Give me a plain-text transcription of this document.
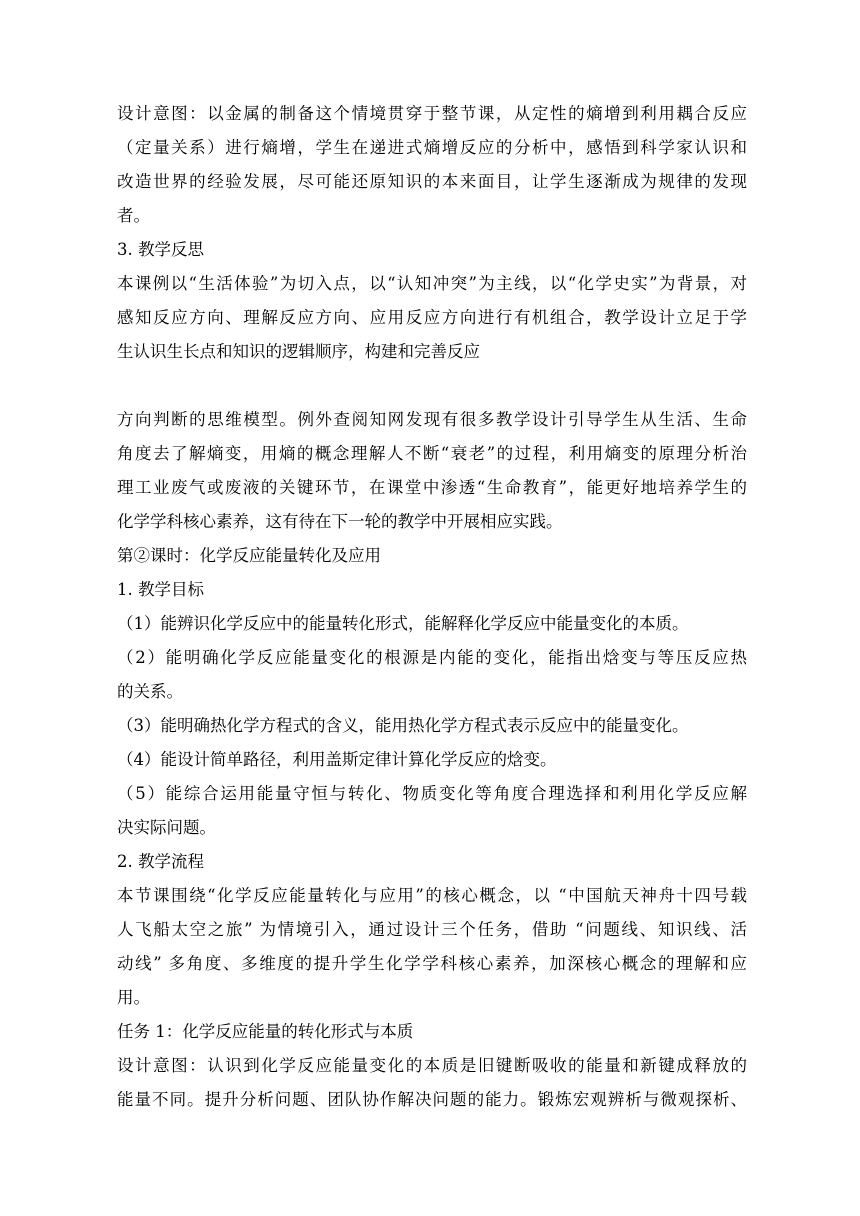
设计意图：以金属的制备这个情境贯穿于整节课，从定性的熵增到利用耦合反应
（定量关系）进行熵增，学生在递进式熵增反应的分析中，感悟到科学家认识和
改造世界的经验发展，尽可能还原知识的本来面目，让学生逐渐成为规律的发现
者。
3. 教学反思
本课例以“生活体验”为切入点，以“认知冲突”为主线，以“化学史实”为背景，对
感知反应方向、理解反应方向、应用反应方向进行有机组合，教学设计立足于学
生认识生长点和知识的逻辑顺序，构建和完善反应
方向判断的思维模型。例外查阅知网发现有很多教学设计引导学生从生活、生命
角度去了解熵变，用熵的概念理解人不断“衰老”的过程，利用熵变的原理分析治
理工业废气或废液的关键环节，在课堂中渗透“生命教育”，能更好地培养学生的
化学学科核心素养，这有待在下一轮的教学中开展相应实践。
第②课时：化学反应能量转化及应用
1. 教学目标
（1）能辨识化学反应中的能量转化形式，能解释化学反应中能量变化的本质。
（2）能明确化学反应能量变化的根源是内能的变化，能指出焓变与等压反应热
的关系。
（3）能明确热化学方程式的含义，能用热化学方程式表示反应中的能量变化。
（4）能设计简单路径，利用盖斯定律计算化学反应的焓变。
（5）能综合运用能量守恒与转化、物质变化等角度合理选择和利用化学反应解
决实际问题。
2. 教学流程
本节课围绕“化学反应能量转化与应用”的核心概念，以 “中国航天神舟十四号载
人飞船太空之旅” 为情境引入，通过设计三个任务，借助 “问题线、知识线、活
动线” 多角度、多维度的提升学生化学学科核心素养，加深核心概念的理解和应
用。
任务 1：化学反应能量的转化形式与本质
设计意图：认识到化学反应能量变化的本质是旧键断吸收的能量和新键成释放的
能量不同。提升分析问题、团队协作解决问题的能力。锻炼宏观辨析与微观探析、
